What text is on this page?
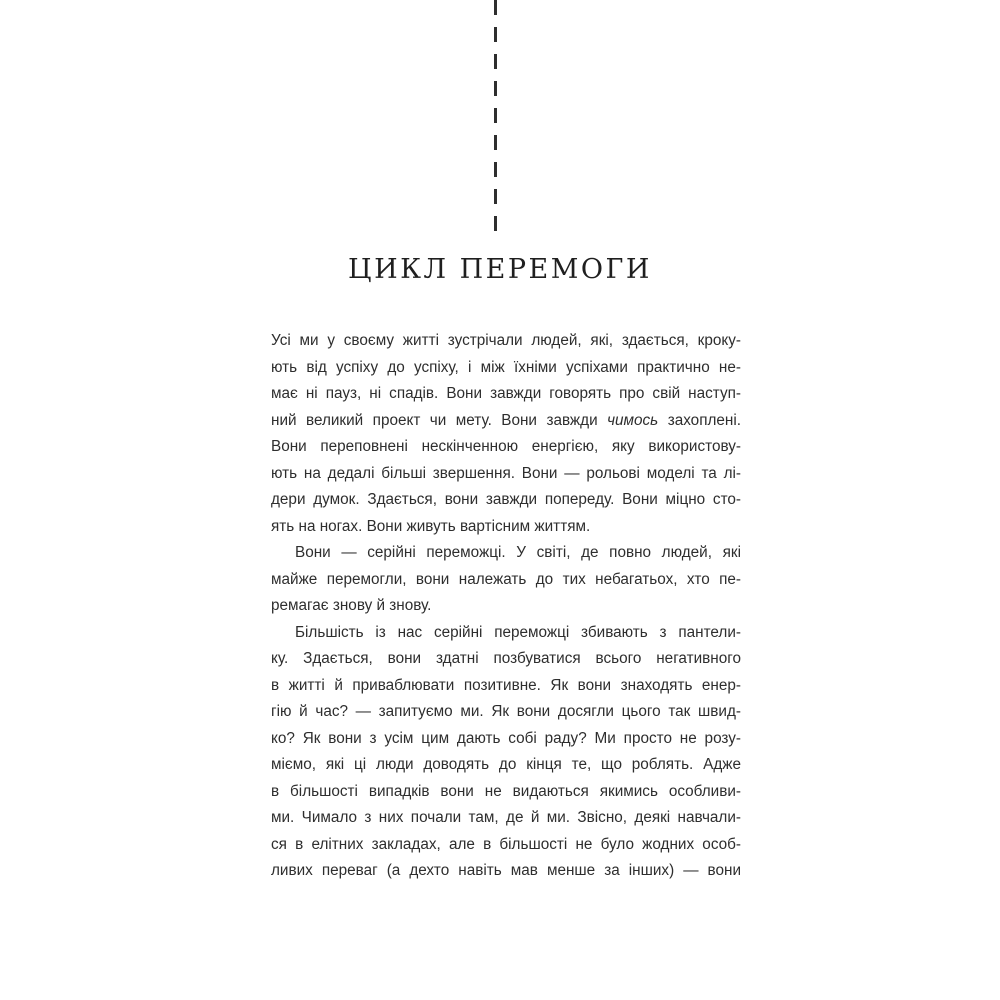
ЦИКЛ ПЕРЕМОГИ
Усі ми у своєму житті зустрічали людей, які, здається, кроку-
ють від успіху до успіху, і між їхніми успіхами практично не-
має ні пауз, ні спадів. Вони завжди говорять про свій наступ-
ний великий проект чи мету. Вони завжди чимось захоплені.
Вони переповнені нескінченною енергією, яку використову-
ють на дедалі більші звершення. Вони — рольові моделі та лі-
дери думок. Здається, вони завжди попереду. Вони міцно сто-
ять на ногах. Вони живуть вартісним життям.
Вони — серійні переможці. У світі, де повно людей, які
майже перемогли, вони належать до тих небагатьох, хто пе-
ремагає знову й знову.
Більшість із нас серійні переможці збивають з пантели-
ку. Здається, вони здатні позбуватися всього негативного
в житті й приваблювати позитивне. Як вони знаходять енер-
гію й час? — запитуємо ми. Як вони досягли цього так швид-
ко? Як вони з усім цим дають собі раду? Ми просто не розу-
міємо, які ці люди доводять до кінця те, що роблять. Адже
в більшості випадків вони не видаються якимись особливи-
ми. Чимало з них почали там, де й ми. Звісно, деякі навчали-
ся в елітних закладах, але в більшості не було жодних особ-
ливих переваг (а дехто навіть мав менше за інших) — вони
